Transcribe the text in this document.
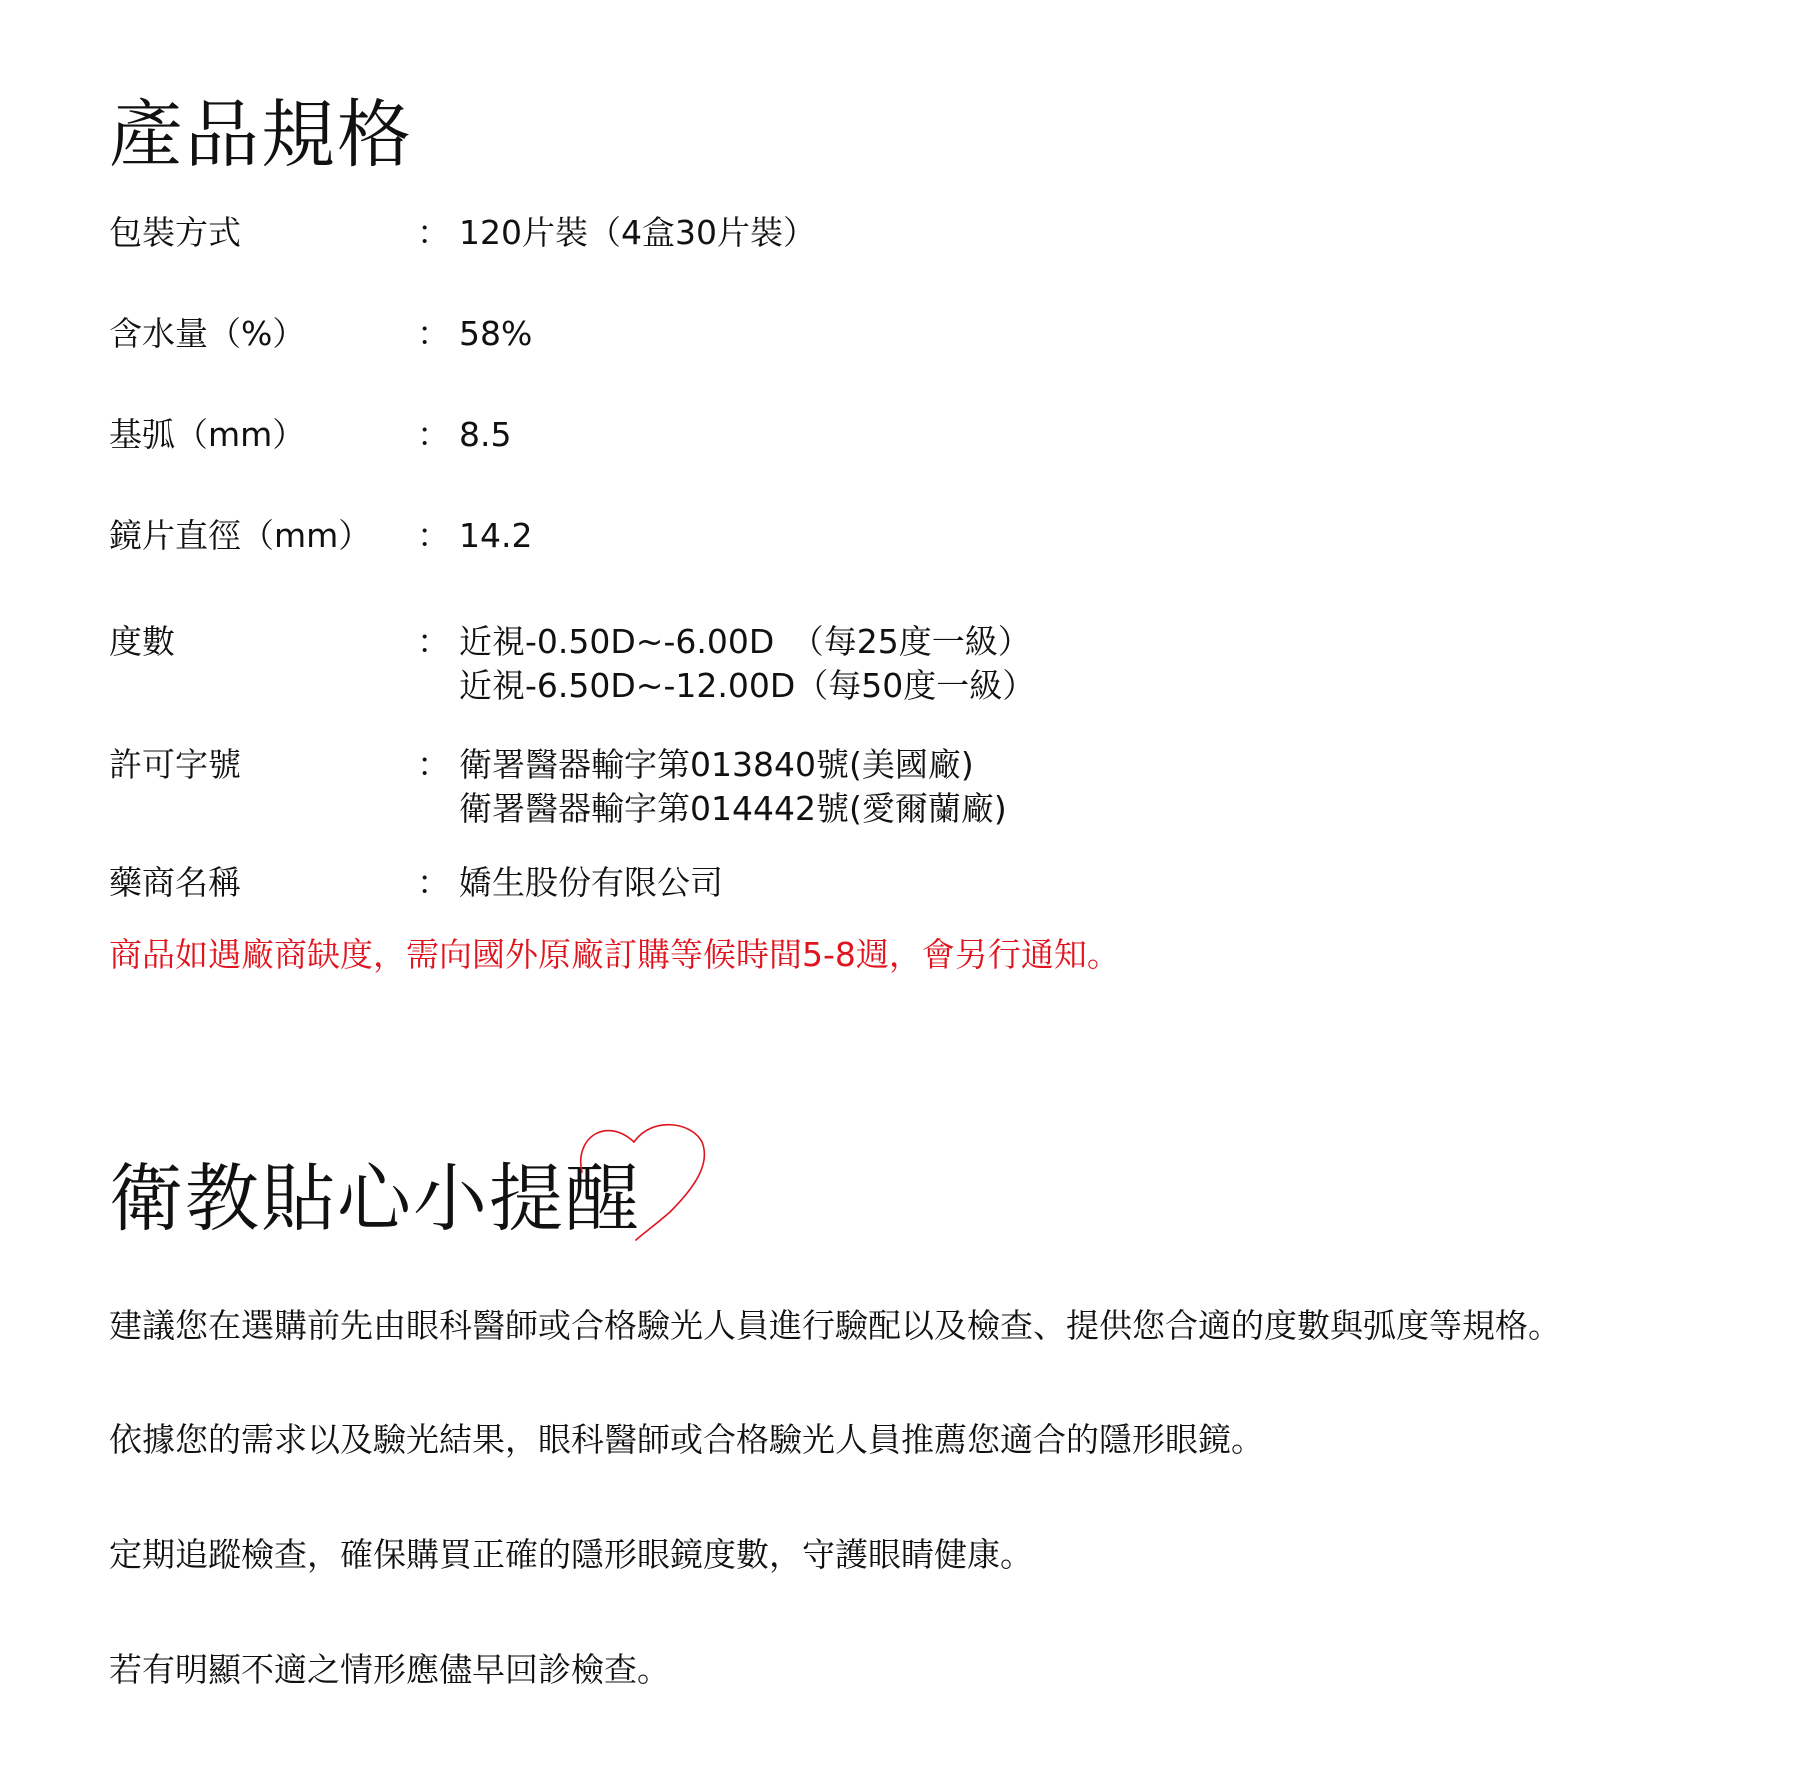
產品規格
包裝方式	： 120片裝（4盒30片裝）
含水量（%）	： 58%
基弧（mm）	： 8.5
鏡片直徑（mm） ： 14.2
度數	： 近視-0.50D~-6.00D　（每25度一級）
近視-6.50D~-12.00D（每50度一級）
許可字號	： 衛署醫器輸字第013840號(美國廠)
衛署醫器輸字第014442號(愛爾蘭廠)
藥商名稱	： 嬌生股份有限公司
商品如遇廠商缺度，需向國外原廠訂購等候時間5-8週，會另行通知。
衛教貼心小提醒

建議您在選購前先由眼科醫師或合格驗光人員進行驗配以及檢查、提供您合適的度數與弧度等規格。

依據您的需求以及驗光結果，眼科醫師或合格驗光人員推薦您適合的隱形眼鏡。

定期追蹤檢查，確保購買正確的隱形眼鏡度數，守護眼睛健康。

若有明顯不適之情形應儘早回診檢查。
